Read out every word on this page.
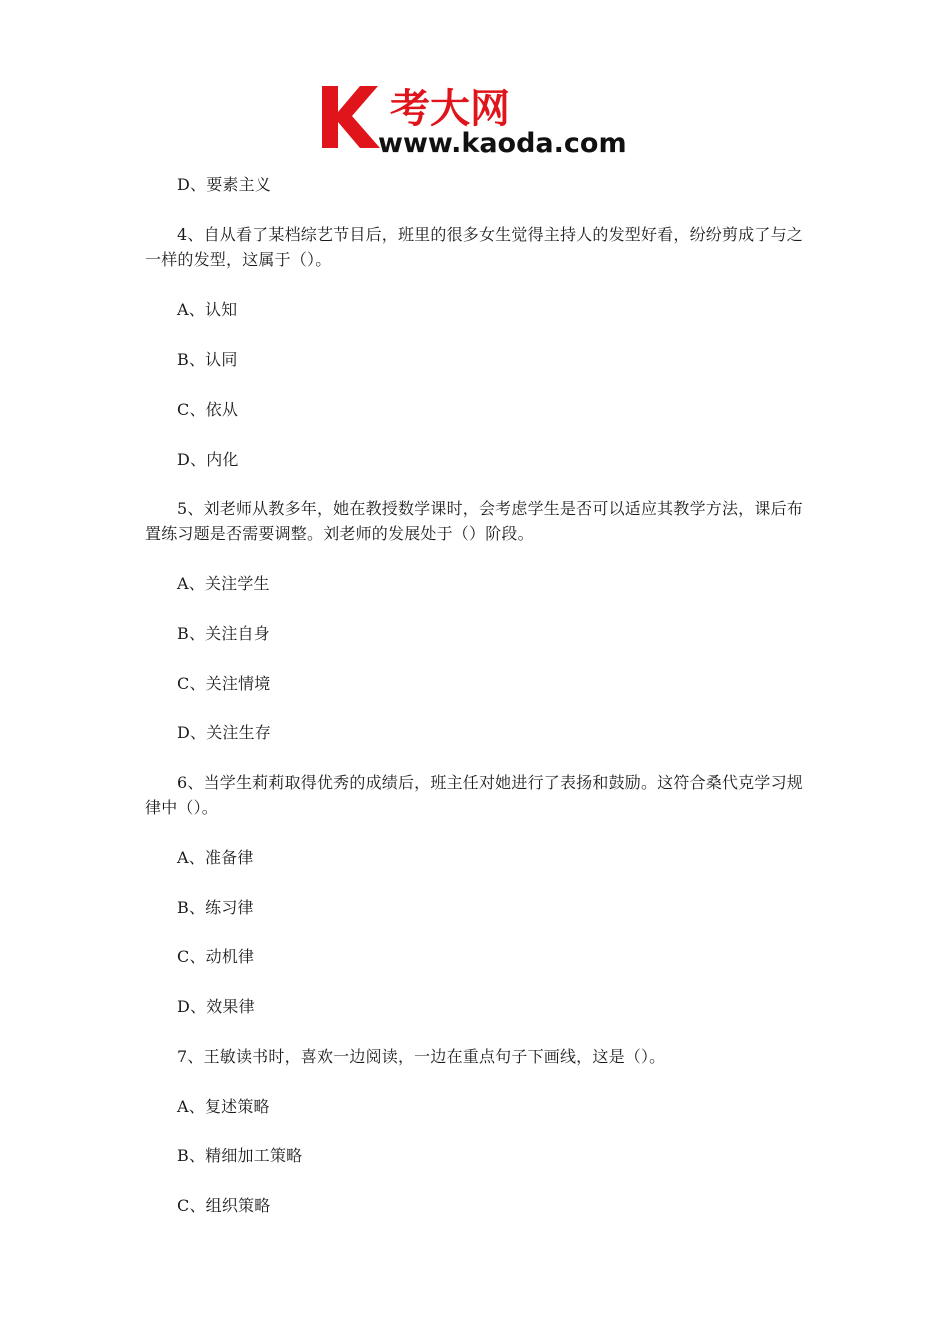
考大网
www.kaoda.com
D、要素主义
4、自从看了某档综艺节目后，班里的很多女生觉得主持人的发型好看，纷纷剪成了与之
一样的发型，这属于（）。
A、认知
B、认同
C、依从
D、内化
5、刘老师从教多年，她在教授数学课时，会考虑学生是否可以适应其教学方法，课后布
置练习题是否需要调整。刘老师的发展处于（）阶段。
A、关注学生
B、关注自身
C、关注情境
D、关注生存
6、当学生莉莉取得优秀的成绩后，班主任对她进行了表扬和鼓励。这符合桑代克学习规
律中（）。
A、准备律
B、练习律
C、动机律
D、效果律
7、王敏读书时，喜欢一边阅读，一边在重点句子下画线，这是（）。
A、复述策略
B、精细加工策略
C、组织策略
